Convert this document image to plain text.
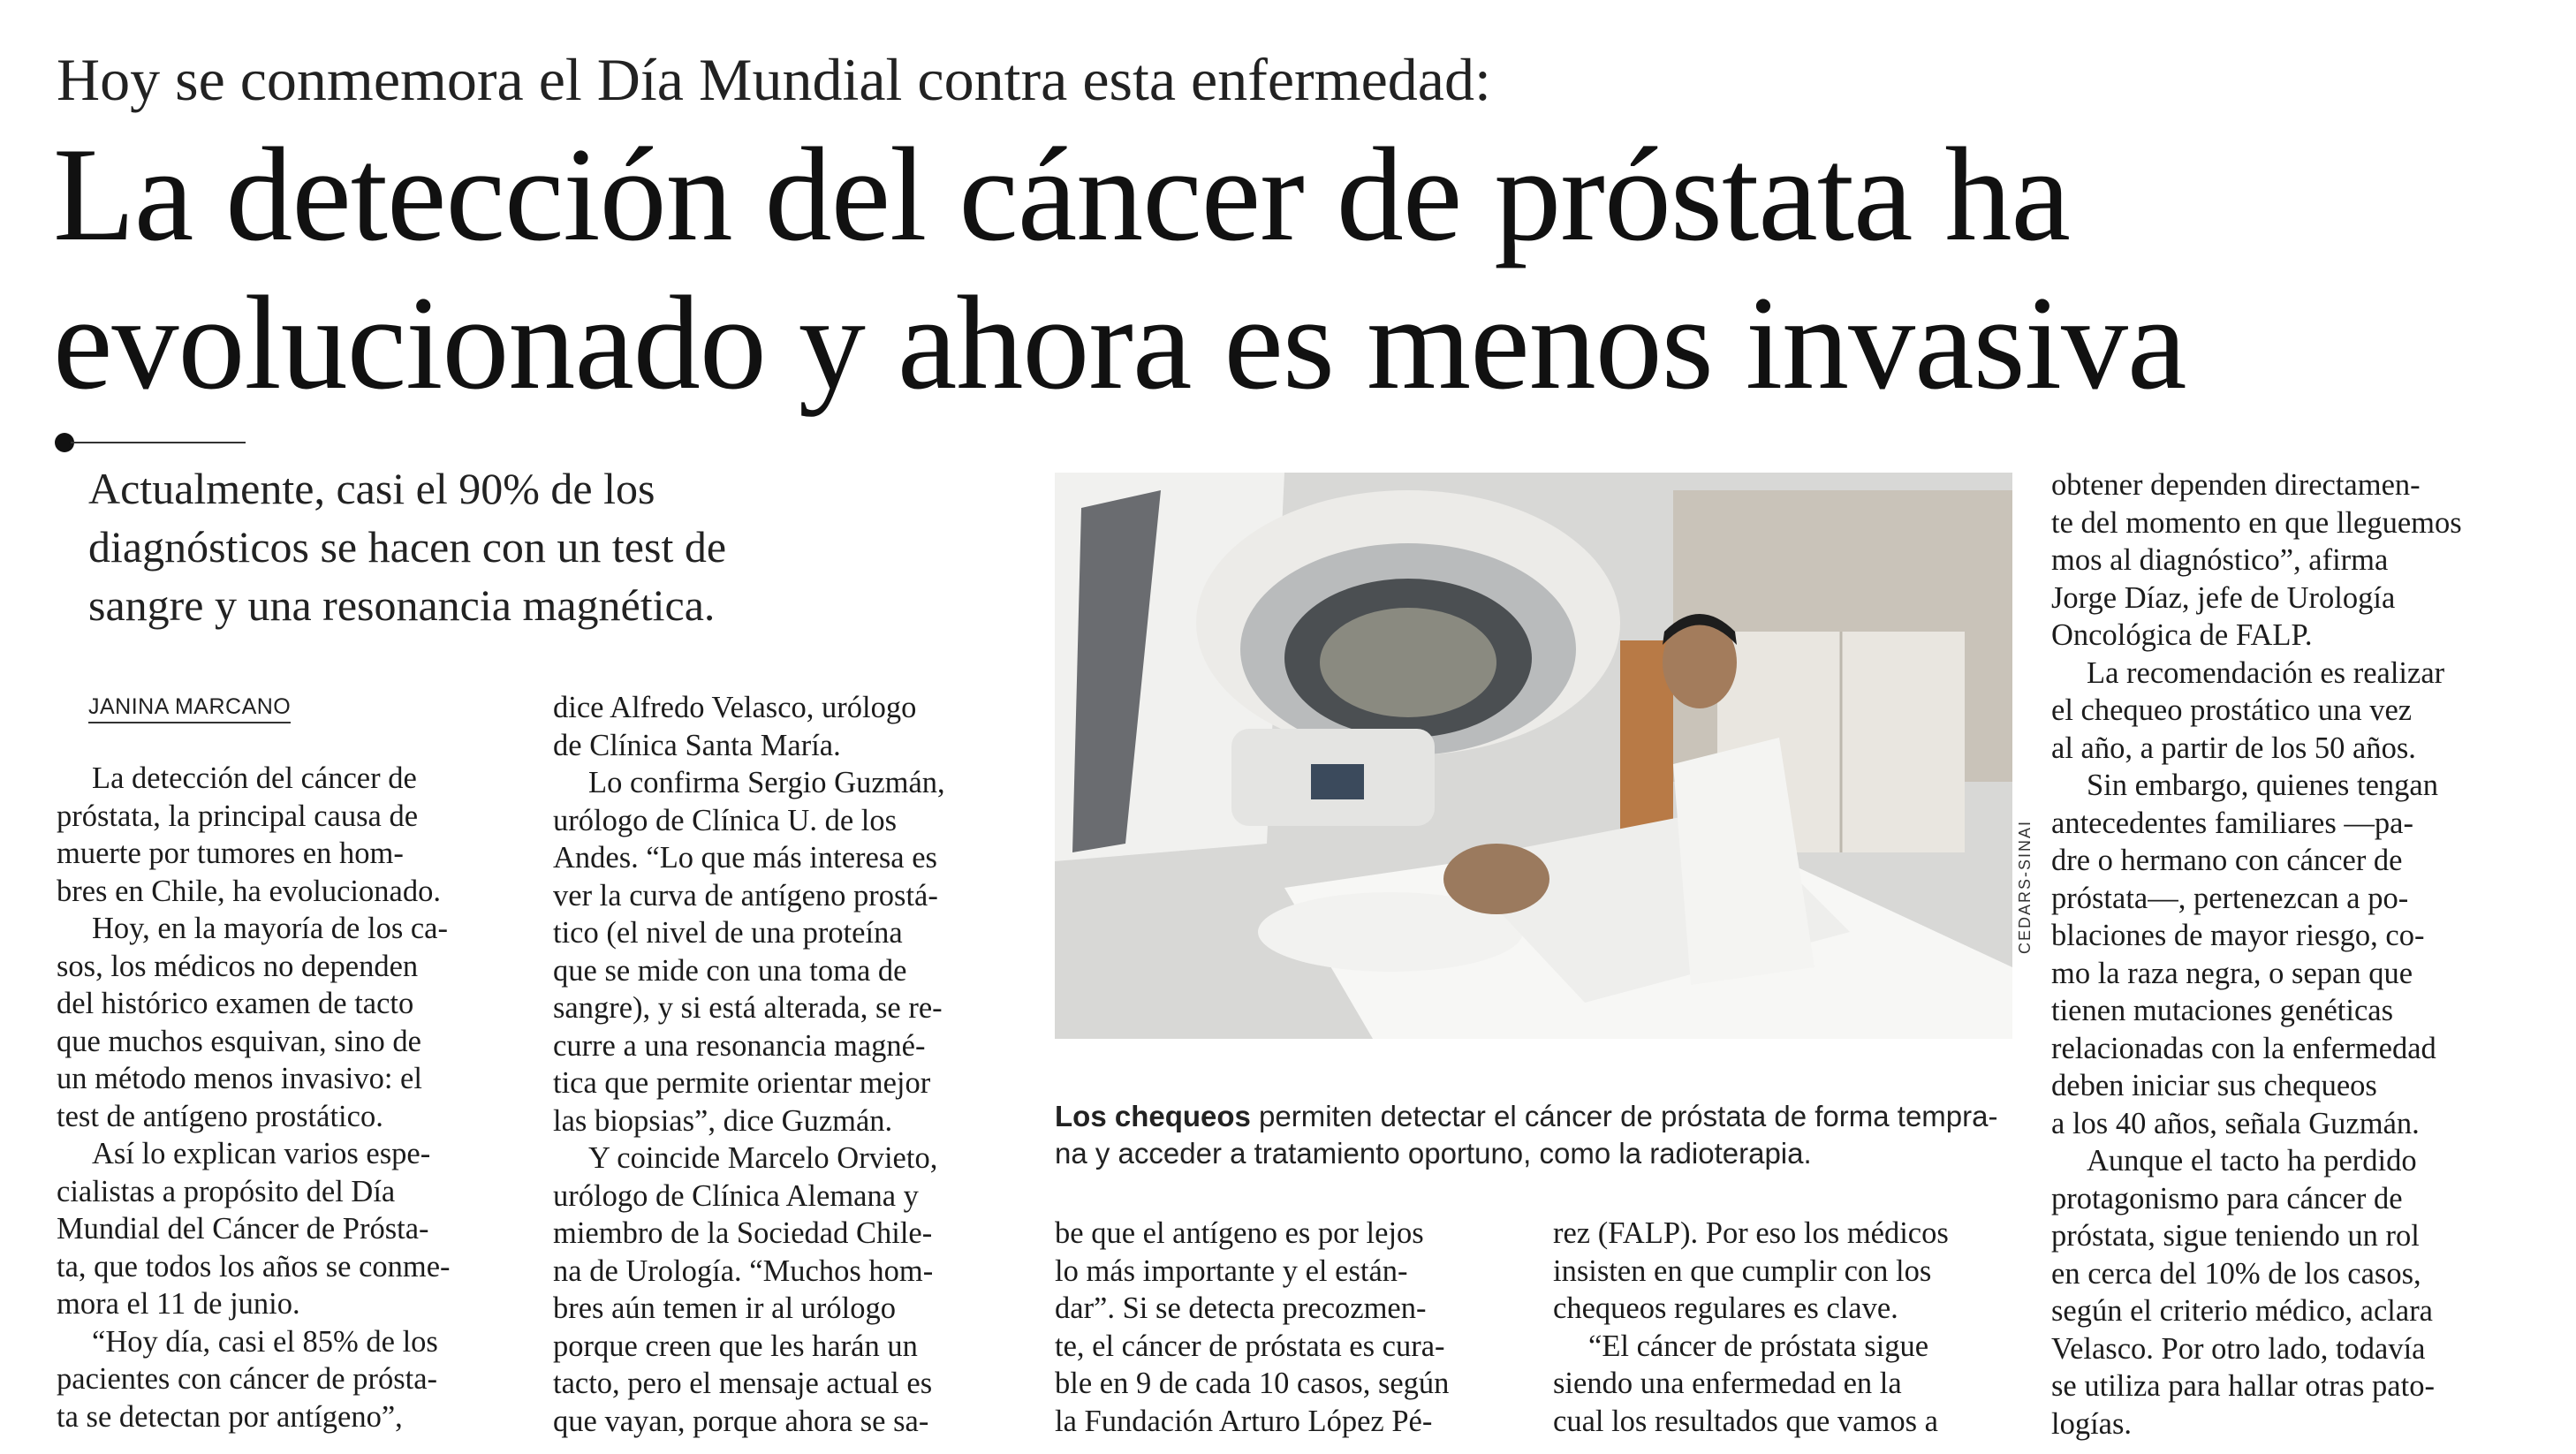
Hoy se conmemora el Día Mundial contra esta enfermedad:
La detección del cáncer de próstata ha
evolucionado y ahora es menos invasiva
Actualmente, casi el 90% de los
diagnósticos se hacen con un test de
sangre y una resonancia magnética.
JANINA MARCANO
La detección del cáncer de
próstata, la principal causa de
muerte por tumores en hom-
bres en Chile, ha evolucionado.
Hoy, en la mayoría de los ca-
sos, los médicos no dependen
del histórico examen de tacto
que muchos esquivan, sino de
un método menos invasivo: el
test de antígeno prostático.
Así lo explican varios espe-
cialistas a propósito del Día
Mundial del Cáncer de Prósta-
ta, que todos los años se conme-
mora el 11 de junio.
“Hoy día, casi el 85% de los
pacientes con cáncer de prósta-
ta se detectan por antígeno”,
dice Alfredo Velasco, urólogo
de Clínica Santa María.
Lo confirma Sergio Guzmán,
urólogo de Clínica U. de los
Andes. “Lo que más interesa es
ver la curva de antígeno prostá-
tico (el nivel de una proteína
que se mide con una toma de
sangre), y si está alterada, se re-
curre a una resonancia magné-
tica que permite orientar mejor
las biopsias”, dice Guzmán.
Y coincide Marcelo Orvieto,
urólogo de Clínica Alemana y
miembro de la Sociedad Chile-
na de Urología. “Muchos hom-
bres aún temen ir al urólogo
porque creen que les harán un
tacto, pero el mensaje actual es
que vayan, porque ahora se sa-
CEDARS-SINAI
Los chequeos permiten detectar el cáncer de próstata de forma tempra-
na y acceder a tratamiento oportuno, como la radioterapia.
be que el antígeno es por lejos
lo más importante y el están-
dar”. Si se detecta precozmen-
te, el cáncer de próstata es cura-
ble en 9 de cada 10 casos, según
la Fundación Arturo López Pé-
rez (FALP). Por eso los médicos
insisten en que cumplir con los
chequeos regulares es clave.
“El cáncer de próstata sigue
siendo una enfermedad en la
cual los resultados que vamos a
obtener dependen directamen-
te del momento en que lleguemos
mos al diagnóstico”, afirma
Jorge Díaz, jefe de Urología
Oncológica de FALP.
La recomendación es realizar
el chequeo prostático una vez
al año, a partir de los 50 años.
Sin embargo, quienes tengan
antecedentes familiares —pa-
dre o hermano con cáncer de
próstata—, pertenezcan a po-
blaciones de mayor riesgo, co-
mo la raza negra, o sepan que
tienen mutaciones genéticas
relacionadas con la enfermedad
deben iniciar sus chequeos
a los 40 años, señala Guzmán.
Aunque el tacto ha perdido
protagonismo para cáncer de
próstata, sigue teniendo un rol
en cerca del 10% de los casos,
según el criterio médico, aclara
Velasco. Por otro lado, todavía
se utiliza para hallar otras pato-
logías.
